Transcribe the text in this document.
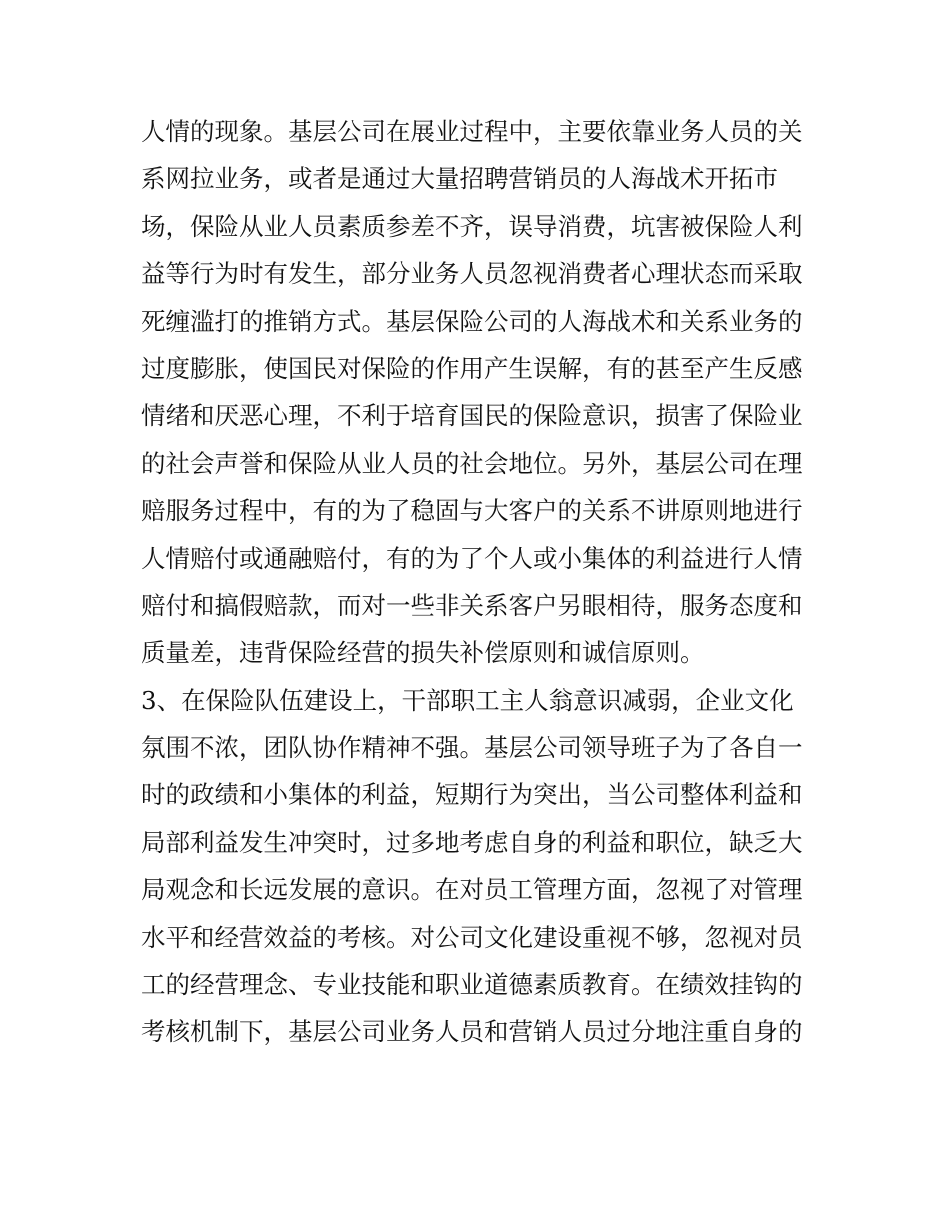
人情的现象。基层公司在展业过程中，主要依靠业务人员的关

系网拉业务，或者是通过大量招聘营销员的人海战术开拓市

场，保险从业人员素质参差不齐，误导消费，坑害被保险人利

益等行为时有发生，部分业务人员忽视消费者心理状态而采取

死缠滥打的推销方式。基层保险公司的人海战术和关系业务的

过度膨胀，使国民对保险的作用产生误解，有的甚至产生反感

情绪和厌恶心理，不利于培育国民的保险意识，损害了保险业

的社会声誉和保险从业人员的社会地位。另外，基层公司在理

赔服务过程中，有的为了稳固与大客户的关系不讲原则地进行

人情赔付或通融赔付，有的为了个人或小集体的利益进行人情

赔付和搞假赔款，而对一些非关系客户另眼相待，服务态度和

质量差，违背保险经营的损失补偿原则和诚信原则。

3、在保险队伍建设上，干部职工主人翁意识减弱，企业文化

氛围不浓，团队协作精神不强。基层公司领导班子为了各自一

时的政绩和小集体的利益，短期行为突出，当公司整体利益和

局部利益发生冲突时，过多地考虑自身的利益和职位，缺乏大

局观念和长远发展的意识。在对员工管理方面，忽视了对管理

水平和经营效益的考核。对公司文化建设重视不够，忽视对员

工的经营理念、专业技能和职业道德素质教育。在绩效挂钩的

考核机制下，基层公司业务人员和营销人员过分地注重自身的
